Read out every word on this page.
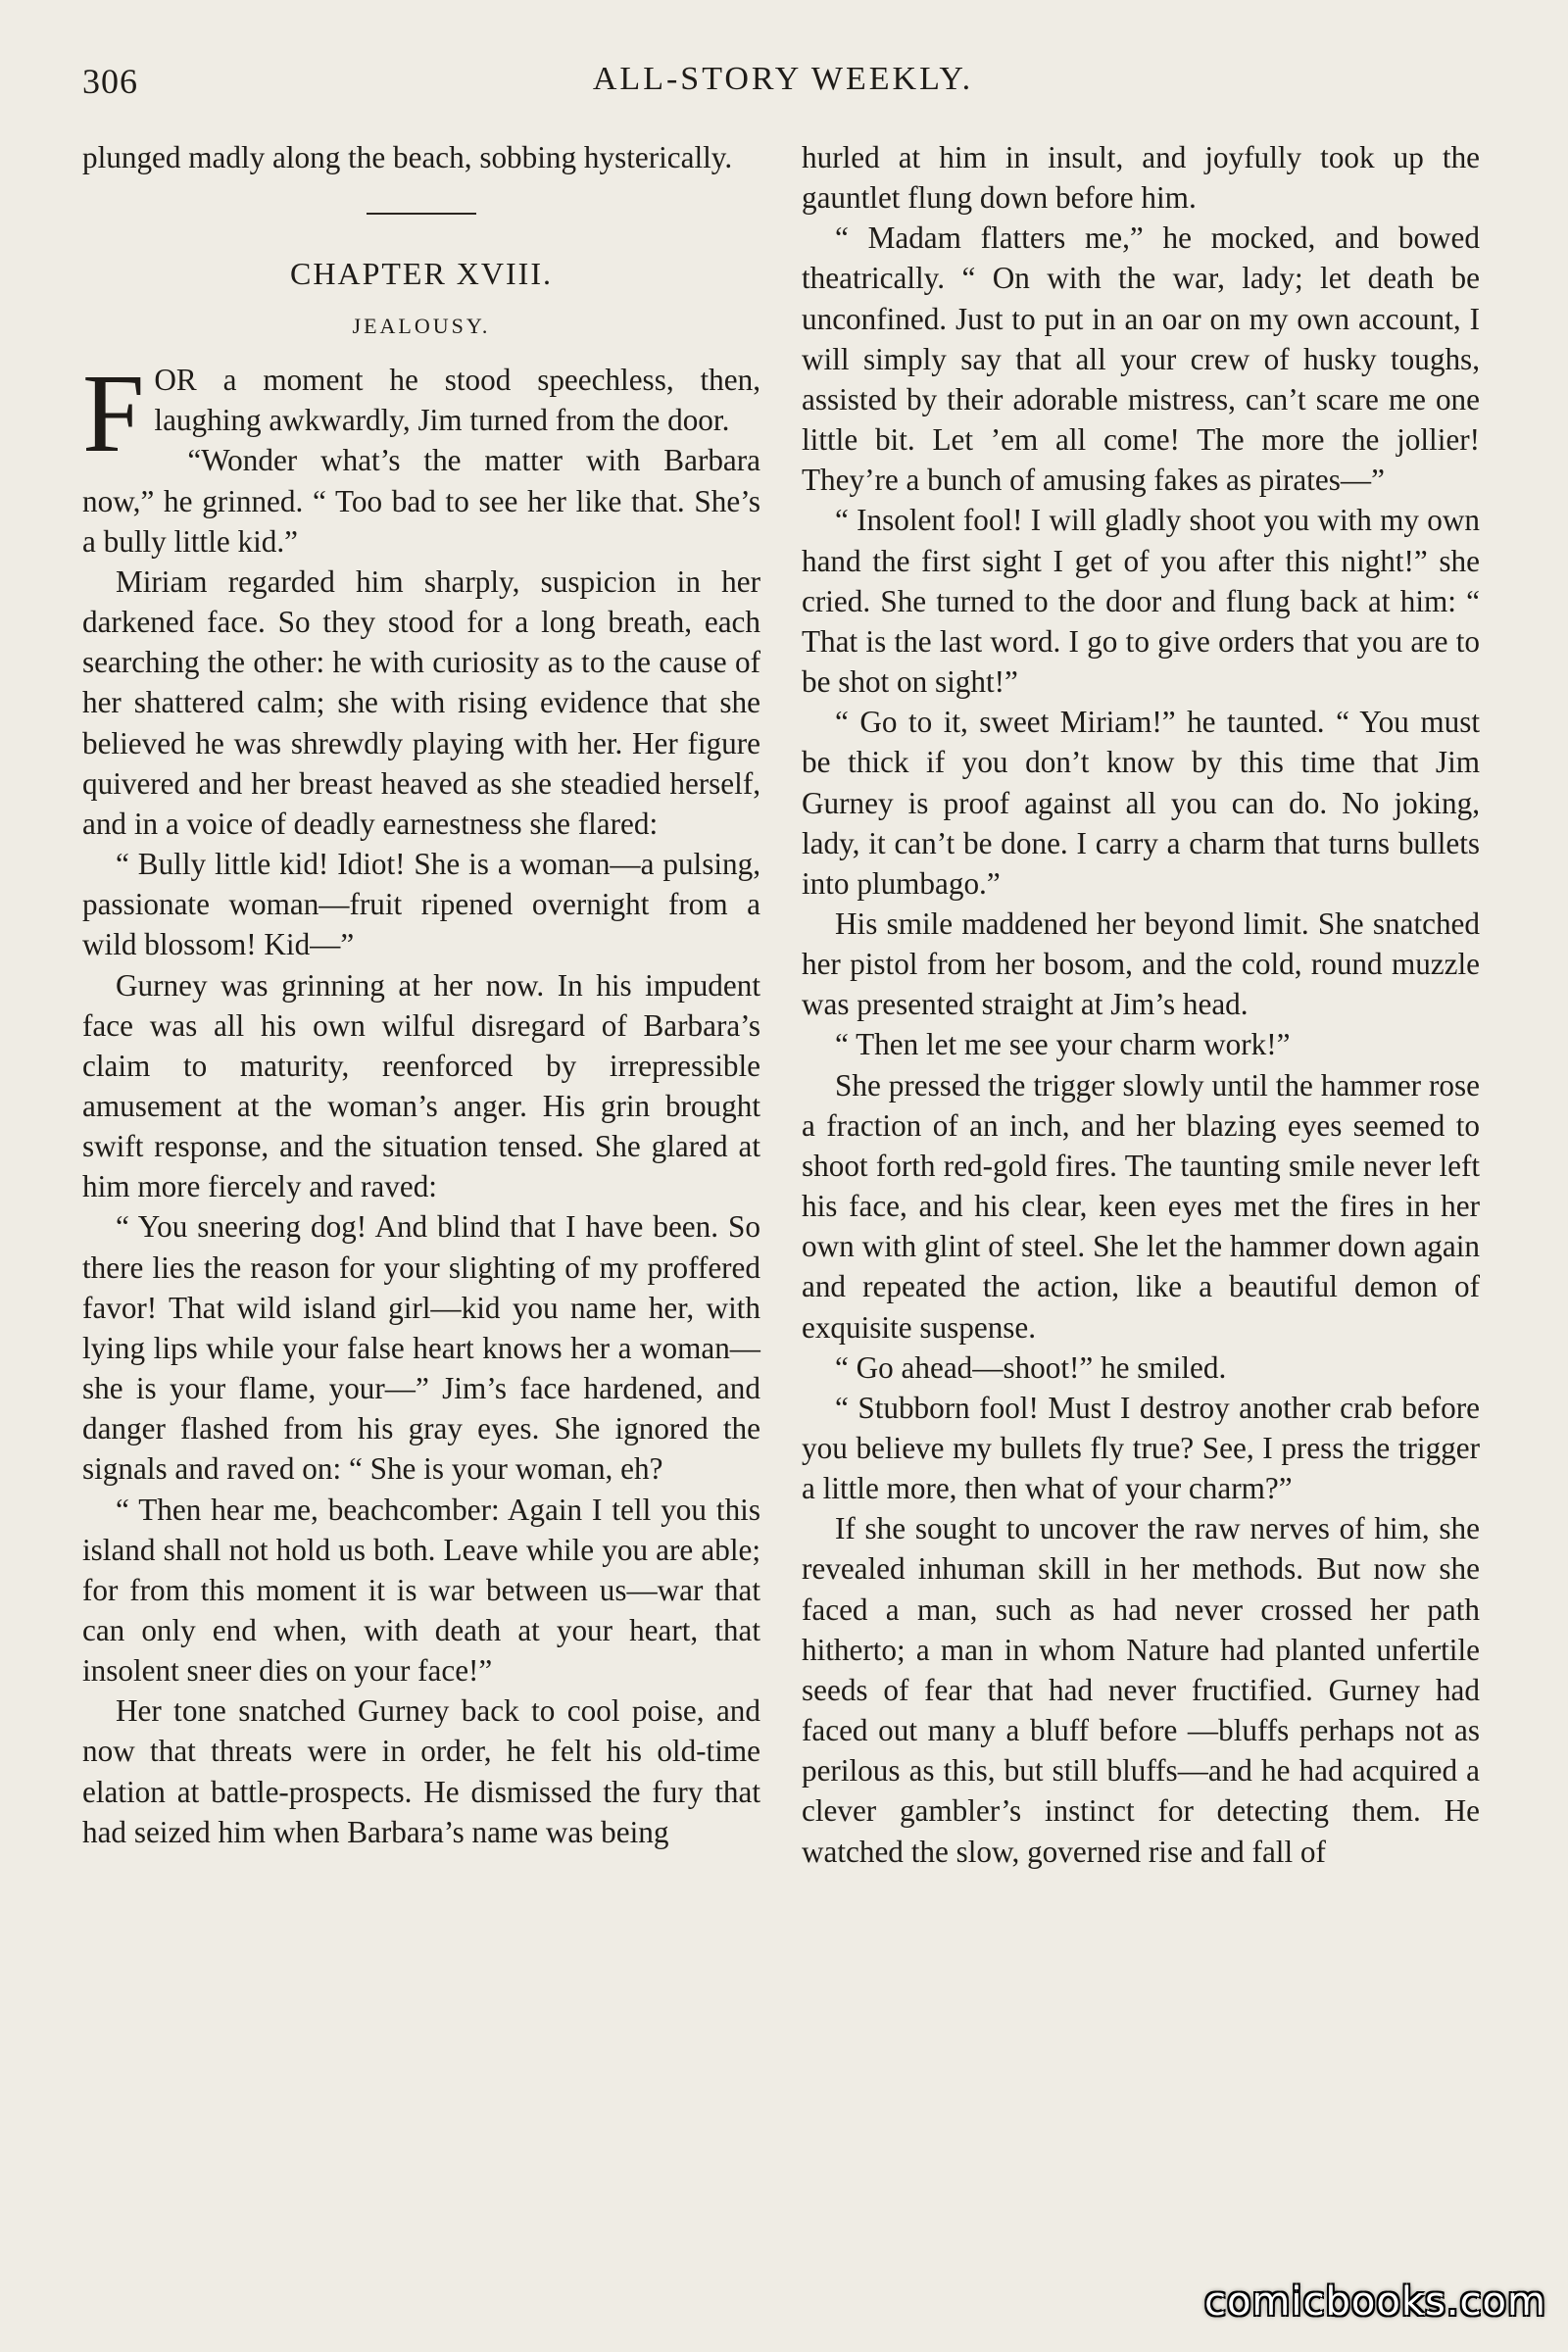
306	ALL-STORY WEEKLY.

plunged madly along the beach, sobbing hysterically.

CHAPTER XVIII.
JEALOUSY.

FOR a moment he stood speechless, then, laughing awkwardly, Jim turned from the door.

“Wonder what’s the matter with Barbara now,” he grinned. “ Too bad to see her like that. She’s a bully little kid.”

Miriam regarded him sharply, suspicion in her darkened face. So they stood for a long breath, each searching the other: he with curiosity as to the cause of her shattered calm; she with rising evidence that she believed he was shrewdly playing with her. Her figure quivered and her breast heaved as she steadied herself, and in a voice of deadly earnestness she flared:

“ Bully little kid! Idiot! She is a woman—a pulsing, passionate woman—fruit ripened overnight from a wild blossom! Kid—”

Gurney was grinning at her now. In his impudent face was all his own wilful disregard of Barbara’s claim to maturity, reenforced by irrepressible amusement at the woman’s anger. His grin brought swift response, and the situation tensed. She glared at him more fiercely and raved:

“ You sneering dog! And blind that I have been. So there lies the reason for your slighting of my proffered favor! That wild island girl—kid you name her, with lying lips while your false heart knows her a woman—she is your flame, your—” Jim’s face hardened, and danger flashed from his gray eyes. She ignored the signals and raved on: “ She is your woman, eh?

“ Then hear me, beachcomber: Again I tell you this island shall not hold us both. Leave while you are able; for from this moment it is war between us—war that can only end when, with death at your heart, that insolent sneer dies on your face!”

Her tone snatched Gurney back to cool poise, and now that threats were in order, he felt his old-time elation at battle-prospects. He dismissed the fury that had seized him when Barbara’s name was being

hurled at him in insult, and joyfully took up the gauntlet flung down before him.

“ Madam flatters me,” he mocked, and bowed theatrically. “ On with the war, lady; let death be unconfined. Just to put in an oar on my own account, I will simply say that all your crew of husky toughs, assisted by their adorable mistress, can’t scare me one little bit. Let ’em all come! The more the jollier! They’re a bunch of amusing fakes as pirates—”

“ Insolent fool! I will gladly shoot you with my own hand the first sight I get of you after this night!” she cried. She turned to the door and flung back at him: “ That is the last word. I go to give orders that you are to be shot on sight!”

“ Go to it, sweet Miriam!” he taunted. “ You must be thick if you don’t know by this time that Jim Gurney is proof against all you can do. No joking, lady, it can’t be done. I carry a charm that turns bullets into plumbago.”

His smile maddened her beyond limit. She snatched her pistol from her bosom, and the cold, round muzzle was presented straight at Jim’s head.

“ Then let me see your charm work!”

She pressed the trigger slowly until the hammer rose a fraction of an inch, and her blazing eyes seemed to shoot forth red-gold fires. The taunting smile never left his face, and his clear, keen eyes met the fires in her own with glint of steel. She let the hammer down again and repeated the action, like a beautiful demon of exquisite suspense.

“ Go ahead—shoot!” he smiled.

“ Stubborn fool! Must I destroy another crab before you believe my bullets fly true? See, I press the trigger a little more, then what of your charm?”

If she sought to uncover the raw nerves of him, she revealed inhuman skill in her methods. But now she faced a man, such as had never crossed her path hitherto; a man in whom Nature had planted unfertile seeds of fear that had never fructified. Gurney had faced out many a bluff before —bluffs perhaps not as perilous as this, but still bluffs—and he had acquired a clever gambler’s instinct for detecting them. He watched the slow, governed rise and fall of

comicbooks.com
